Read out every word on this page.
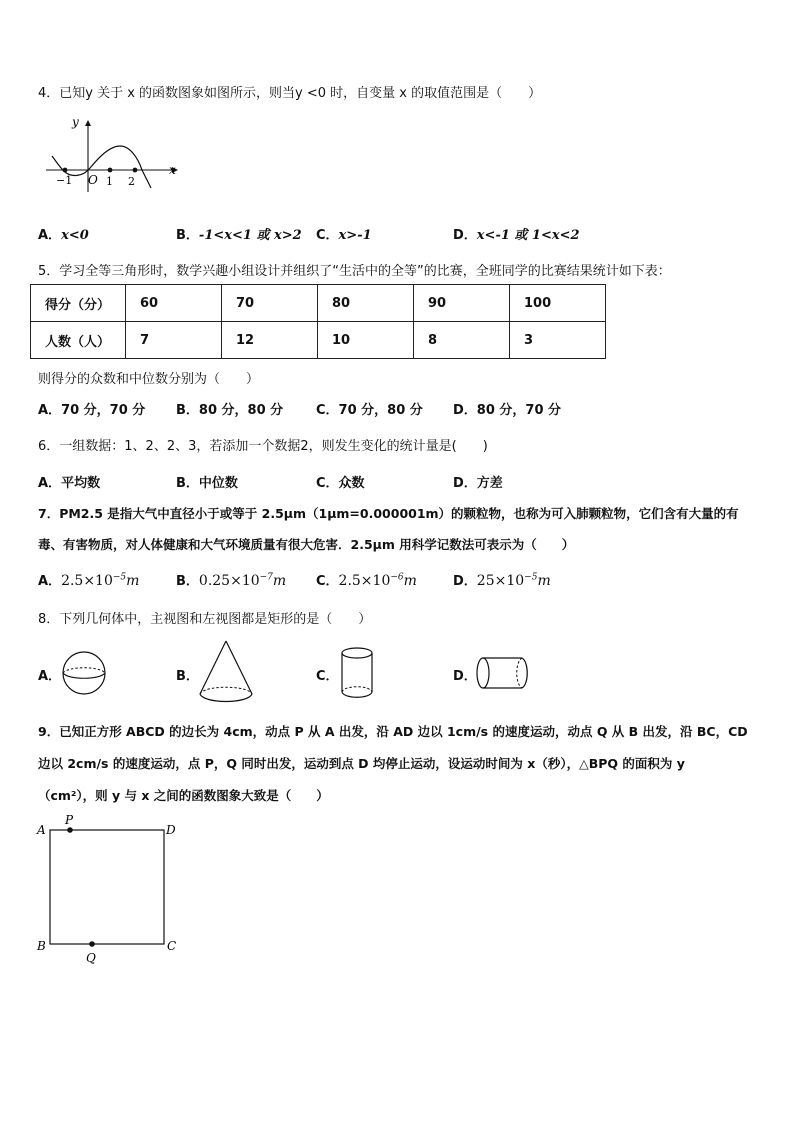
4．已知y 关于 x 的函数图象如图所示，则当y <0 时，自变量 x 的取值范围是（　　）
y
x
O
−1	1 2
A．x<0	B．-1<x<1 或 x>2 C．x>-1	D．x<-1 或 1<x<2
5．学习全等三角形时，数学兴趣小组设计并组织了“生活中的全等”的比赛，全班同学的比赛结果统计如下表：
得分（分）	60	70	80	90	100
人数（人）	7	12	10	8	3
则得分的众数和中位数分别为（　　）
A．70 分，70 分 B．80 分，80 分	C．70 分，80 分 D．80 分，70 分
6．一组数据：1、2、2、3，若添加一个数据2，则发生变化的统计量是(　　)
A．平均数	B．中位数	C．众数	D．方差
7．PM2.5 是指大气中直径小于或等于 2.5μm（1μm=0.000001m）的颗粒物，也称为可入肺颗粒物，它们含有大量的有
毒、有害物质，对人体健康和大气环境质量有很大危害．2.5μm 用科学记数法可表示为（　　）
A．$2.5\times 10^{-5}m$	B．$0.25\times 10^{-7}m$ C．$2.5\times 10^{-6}m$	D．$25\times 10^{-5}m$
8．下列几何体中，主视图和左视图都是矩形的是（　　）
A．	B．	C．	D．
9．已知正方形 ABCD 的边长为 4cm，动点 P 从 A 出发，沿 AD 边以 1cm/s 的速度运动，动点 Q 从 B 出发，沿 BC，CD
边以 2cm/s 的速度运动，点 P，Q 同时出发，运动到点 D 均停止运动，设运动时间为 x（秒），△BPQ 的面积为 y
（cm²），则 y 与 x 之间的函数图象大致是（　　）
A	D
B	C
P
Q
